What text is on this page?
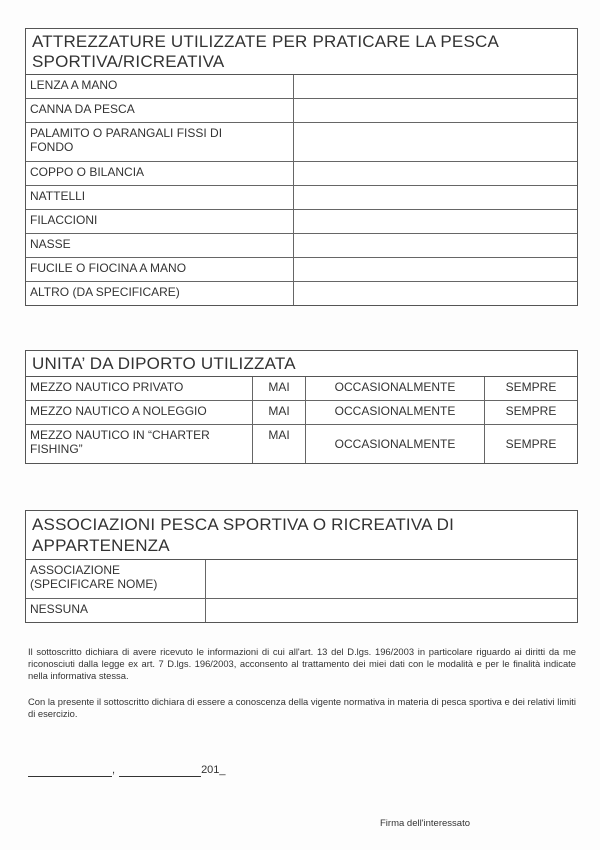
ATTREZZATURE UTILIZZATE PER PRATICARE LA PESCA
SPORTIVA/RICREATIVA
LENZA A MANO	
CANNA DA PESCA	

PALAMITO O PARANGALI FISSI DI
FONDO	

COPPO O BILANCIA	
NATTELLI	
FILACCIONI	
NASSE	
FUCILE O FIOCINA A MANO	
ALTRO (DA SPECIFICARE)	
UNITA’ DA DIPORTO UTILIZZATA
MEZZO NAUTICO PRIVATO	MAI	OCCASIONALMENTE	SEMPRE
MEZZO NAUTICO A NOLEGGIO	MAI	OCCASIONALMENTE	SEMPRE

MEZZO NAUTICO IN “CHARTER
FISHING”	MAI	OCCASIONALMENTE	SEMPRE
ASSOCIAZIONI PESCA SPORTIVA O RICREATIVA DI
APPARTENENZA
ASSOCIAZIONE
(SPECIFICARE NOME)	

NESSUNA	
Il sottoscritto dichiara di avere ricevuto le informazioni di cui all'art. 13 del D.lgs. 196/2003 in particolare riguardo ai diritti da me riconosciuti dalla legge ex art. 7 D.lgs. 196/2003, acconsento al trattamento dei miei dati con le modalità e per le finalità indicate nella informativa stessa.
Con la presente il sottoscritto dichiara di essere a conoscenza della vigente normativa in materia di pesca sportiva e dei relativi limiti di esercizio.
,	201_
Firma dell'interessato
